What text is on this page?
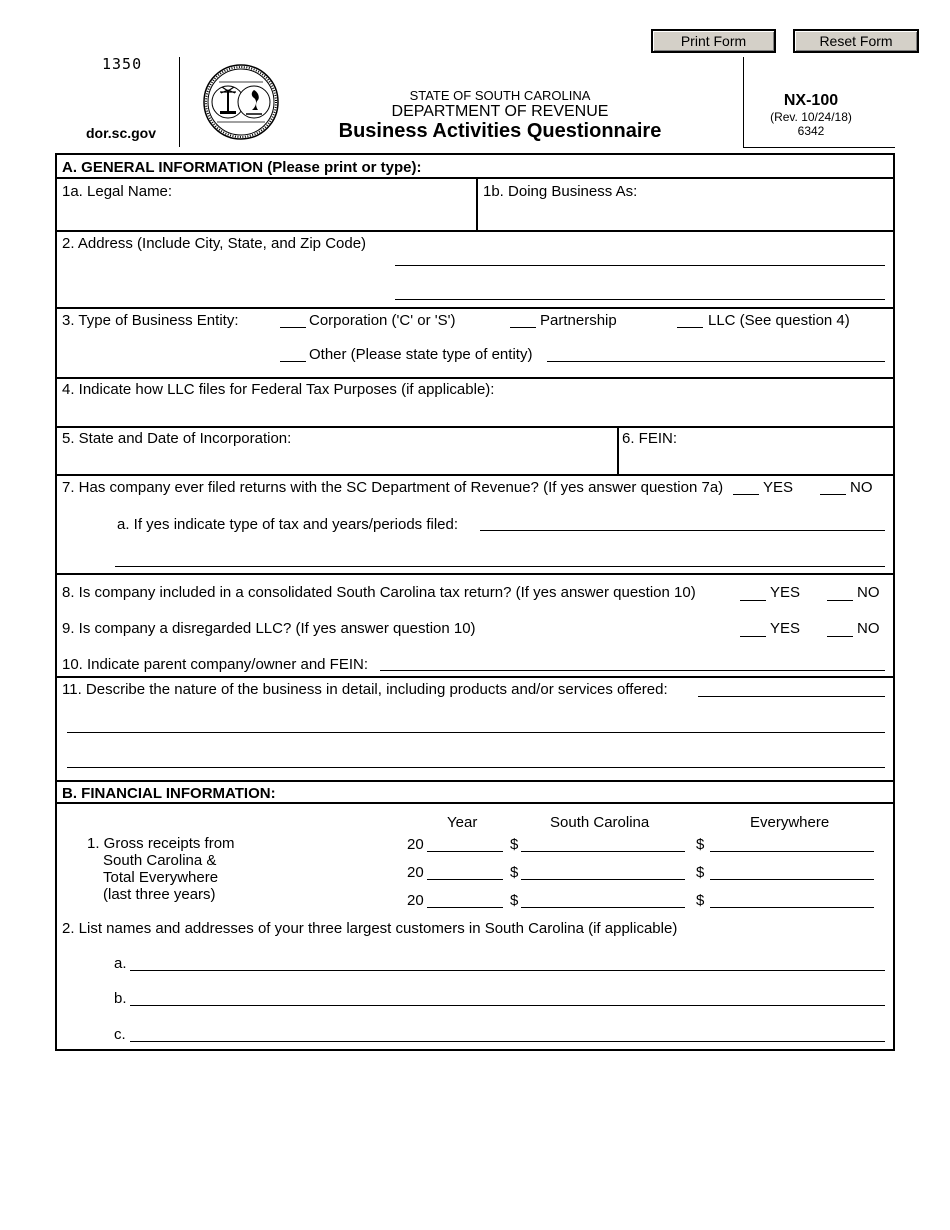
Print Form	Reset Form
1350
dor.sc.gov
STATE OF SOUTH CAROLINA
DEPARTMENT OF REVENUE
Business Activities Questionnaire
NX-100
(Rev. 10/24/18)
6342
A. GENERAL INFORMATION (Please print or type):
1a. Legal Name:	1b. Doing Business As:
2. Address (Include City, State, and Zip Code)
3. Type of Business Entity:	Corporation ('C' or 'S')	Partnership	LLC (See question 4)
Other (Please state type of entity)
4. Indicate how LLC files for Federal Tax Purposes (if applicable):
5. State and Date of Incorporation:	6. FEIN:
7. Has company ever filed returns with the SC Department of Revenue? (If yes answer question 7a)	YES	NO
a. If yes indicate type of tax and years/periods filed:
8. Is company included in a consolidated South Carolina tax return? (If yes answer question 10)	YES	NO
9. Is company a disregarded LLC? (If yes answer question 10)	YES	NO
10. Indicate parent company/owner and FEIN:
11. Describe the nature of the business in detail, including products and/or services offered:
B. FINANCIAL INFORMATION:
Year	South Carolina	Everywhere
1. Gross receipts from
South Carolina &
Total Everywhere
(last three years)
20	$	$
20	$	$
20	$	$
2. List names and addresses of your three largest customers in South Carolina (if applicable)
a.
b.
c.
